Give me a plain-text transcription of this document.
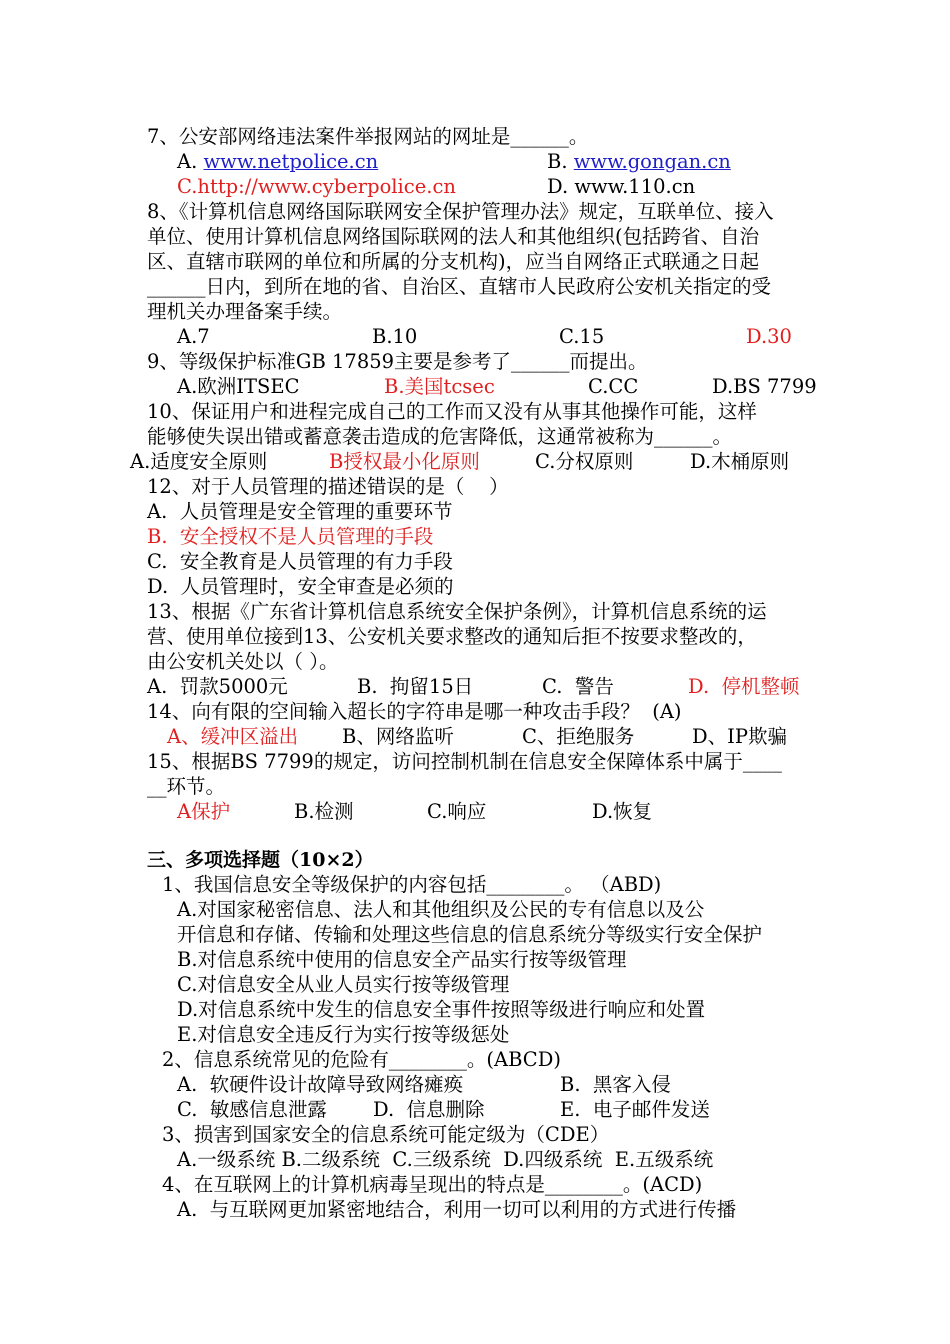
7、公安部网络违法案件举报网站的网址是______。
A. www.netpolice.cn	B. www.gongan.cn
C.http://www.cyberpolice.cn	D. www.110.cn
8、《计算机信息网络国际联网安全保护管理办法》规定，互联单位、接入
单位、使用计算机信息网络国际联网的法人和其他组织(包括跨省、自治
区、直辖市联网的单位和所属的分支机构)，应当自网络正式联通之日起
______日内，到所在地的省、自治区、直辖市人民政府公安机关指定的受
理机关办理备案手续。
A.7	B.10	C.15	D.30
9、等级保护标准GB 17859主要是参考了______而提出。
A.欧洲ITSEC	B.美国tcsec	C.CC	D.BS 7799
10、保证用户和进程完成自己的工作而又没有从事其他操作可能，这样
能够使失误出错或蓄意袭击造成的危害降低，这通常被称为______。
A.适度安全原则	B授权最小化原则	C.分权原则	D.木桶原则
12、对于人员管理的描述错误的是（    ）
A.  人员管理是安全管理的重要环节
B.  安全授权不是人员管理的手段
C.  安全教育是人员管理的有力手段
D.  人员管理时，安全审查是必须的
13、根据《广东省计算机信息系统安全保护条例》，计算机信息系统的运
营、使用单位接到13、公安机关要求整改的通知后拒不按要求整改的，
由公安机关处以（ ）。
A.  罚款5000元	B.  拘留15日	C.  警告	D.  停机整顿
14、向有限的空间输入超长的字符串是哪一种攻击手段？  (A)
A、缓冲区溢出 B、网络监听	C、拒绝服务	D、IP欺骗
15、根据BS 7799的规定，访问控制机制在信息安全保障体系中属于____
__环节。
A保护	B.检测	C.响应	D.恢复
三、多项选择题（10×2）
1、我国信息安全等级保护的内容包括________。 （ABD)
A.对国家秘密信息、法人和其他组织及公民的专有信息以及公
开信息和存储、传输和处理这些信息的信息系统分等级实行安全保护
B.对信息系统中使用的信息安全产品实行按等级管理
C.对信息安全从业人员实行按等级管理
D.对信息系统中发生的信息安全事件按照等级进行响应和处置
E.对信息安全违反行为实行按等级惩处
2、信息系统常见的危险有________。(ABCD)
A.  软硬件设计故障导致网络瘫痪	B.  黑客入侵
C.  敏感信息泄露 D.  信息删除	E.  电子邮件发送
3、损害到国家安全的信息系统可能定级为（CDE）
A.一级系统 B.二级系统  C.三级系统  D.四级系统  E.五级系统
4、在互联网上的计算机病毒呈现出的特点是________。(ACD)
A.  与互联网更加紧密地结合，利用一切可以利用的方式进行传播
